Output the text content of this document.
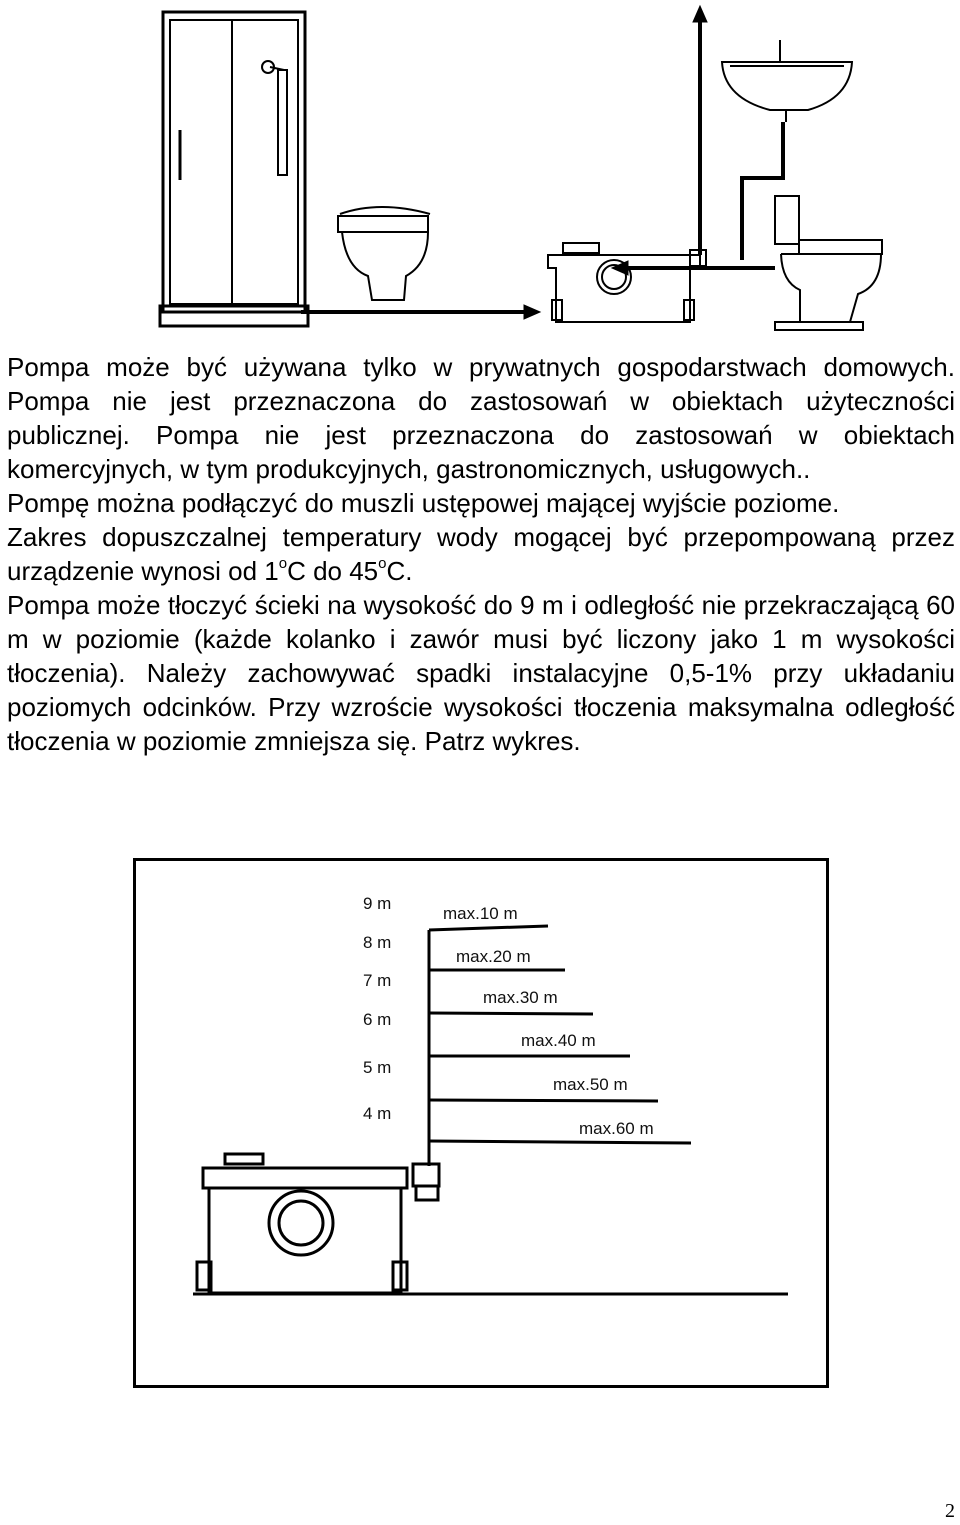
Pompa może być używana tylko w prywatnych gospodarstwach domowych. Pompa nie jest przeznaczona do zastosowań w obiektach użyteczności publicznej. Pompa nie jest przeznaczona do zastosowań w obiektach komercyjnych, w tym produkcyjnych, gastronomicznych, usługowych..

Pompę można podłączyć do muszli ustępowej mającej wyjście poziome.

Zakres dopuszczalnej temperatury wody mogącej być przepompowaną przez urządzenie wynosi od 1$^o$C do 45$^o$C.

Pompa może tłoczyć ścieki na wysokość do 9 m i odległość nie przekraczającą 60 m w poziomie (każde kolanko i zawór musi być liczony jako 1 m wysokości tłoczenia). Należy zachowywać spadki instalacyjne 0,5-1% przy układaniu poziomych odcinków. Przy wzroście wysokości tłoczenia maksymalna odległość tłoczenia w poziomie zmniejsza się. Patrz wykres.

9 m
8 m
7 m
6 m
5 m
4 m
max.10 m
max.20 m
max.30 m
max.40 m
max.50 m
max.60 m
2
